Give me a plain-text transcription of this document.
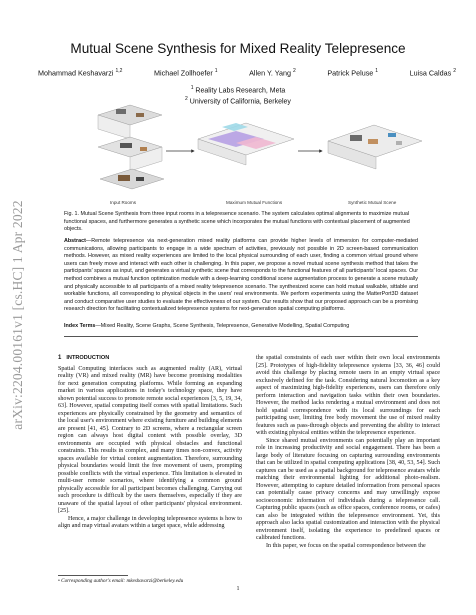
arXiv:2204.00161v1 [cs.HC] 1 Apr 2022
Mutual Scene Synthesis for Mixed Reality Telepresence
Mohammad Keshavarzi $^{1,2}$	Michael Zollhoefer $^1$	Allen Y. Yang $^2$	Patrick Peluse $^1$	Luisa Caldas $^2$
$^1$ Reality Labs Research, Meta
$^2$ University of California, Berkeley
Input Rooms	Maximum Mutual Functions	Synthetic Mutual Scene
Fig. 1. Mutual Scene Synthesis from three input rooms in a telepresence scenario. The system calculates optimal alignments to maximize mutual functional spaces, and furthermore generates a synthetic scene which incorporates the mutual functions with contextual placement of augmented objects.
Abstract—Remote telepresence via next-generation mixed reality platforms can provide higher levels of immersion for computer-mediated communications, allowing participants to engage in a wide spectrum of activities, previously not possible in 2D screen-based communication methods. However, as mixed reality experiences are limited to the local physical surrounding of each user, finding a common virtual ground where users can freely move and interact with each other is challenging. In this paper, we propose a novel mutual scene synthesis method that takes the participants' spaces as input, and generates a virtual synthetic scene that corresponds to the functional features of all participants' local spaces. Our method combines a mutual function optimization module with a deep-learning conditional scene augmentation process to generate a scene mutually and physically accessible to all participants of a mixed reality telepresence scenario. The synthesized scene can hold mutual walkable, sittable and workable functions, all corresponding to physical objects in the users' real environments. We perform experiments using the MatterPort3D dataset and conduct comparative user studies to evaluate the effectiveness of our system. Our results show that our proposed approach can be a promising research direction for facilitating contextualized telepresence systems for next-generation spatial computing platforms.
Index Terms—Mixed Reality, Scene Graphs, Scene Synthesis, Telepresence, Generative Modelling, Spatial Computing
1 INTRODUCTION

Spatial Computing interfaces such as augmented reality (AR), virtual reality (VR) and mixed reality (MR) have become promising modalities for next generation computing platforms. While forming an expanding market in various applications in today's technology space, they have shown potential success to promote remote social experiences [3, 5, 19, 34, 63]. However, spatial computing itself comes with spatial limitations. Such experiences are physically constrained by the geometry and semantics of the local user's environment where existing furniture and building elements are present [41, 45]. Contrary to 2D screens, where a rectangular screen region can always host digital content with possible overlay, 3D environments are occupied with physical obstacles and functional constraints. This results in complex, and many times non-convex, activity spaces available for virtual content augmentation. Therefore, surrounding physical boundaries would limit the free movement of users, prompting possible conflicts with the virtual experience. This limitation is elevated in multi-user remote scenarios, where identifying a common ground physically accessible for all participant becomes challenging. Carrying out such procedure is difficult by the users themselves, especially if they are unaware of the spatial layout of other participants' physical environment. [25].

Hence, a major challenge in developing telepresence systems is how to align and map virtual avatars within a target space, while addressing

the spatial constraints of each user within their own local environments [25]. Prototypes of high-fidelity telepresence systems [33, 36, 46] could avoid this challenge by placing remote users in an empty virtual space exclusively defined for the task. Considering natural locomotion as a key aspect of maximizing high-fidelity experiences, users can therefore only perform interaction and navigation tasks within their own boundaries. However, the method lacks rendering a mutual environment and does not hold spatial correspondence with its local surroundings for each participating user, limiting free body movement the use of mixed reality features such as pass-through objects and preventing the ability to interact with existing physical entities within the telepresence experience.

Since shared mutual environments can potentially play an important role in increasing productivity and social engagement. There has been a large body of literature focusing on capturing surrounding environments that can be utilized in spatial computing applications [38, 40, 53, 54]. Such captures can be used as a spatial background for telepresence avatars while matching their environmental lighting for additional photo-realism. However, attempting to capture detailed information from personal spaces can potentially cause privacy concerns and may unwillingly expose socioeconomic information of individuals during a telepresence call. Capturing public spaces (such as office spaces, conference rooms, or cafes) can also be integrated within the telepresence environment. Yet, this approach also lacks spatial customization and interaction with the physical environment itself, isolating the experience to predefined spaces or calibrated functions.

In this paper, we focus on the spatial correspondence between the

• Corresponding author's email: mkeshavarzi@berkeley.edu
1
